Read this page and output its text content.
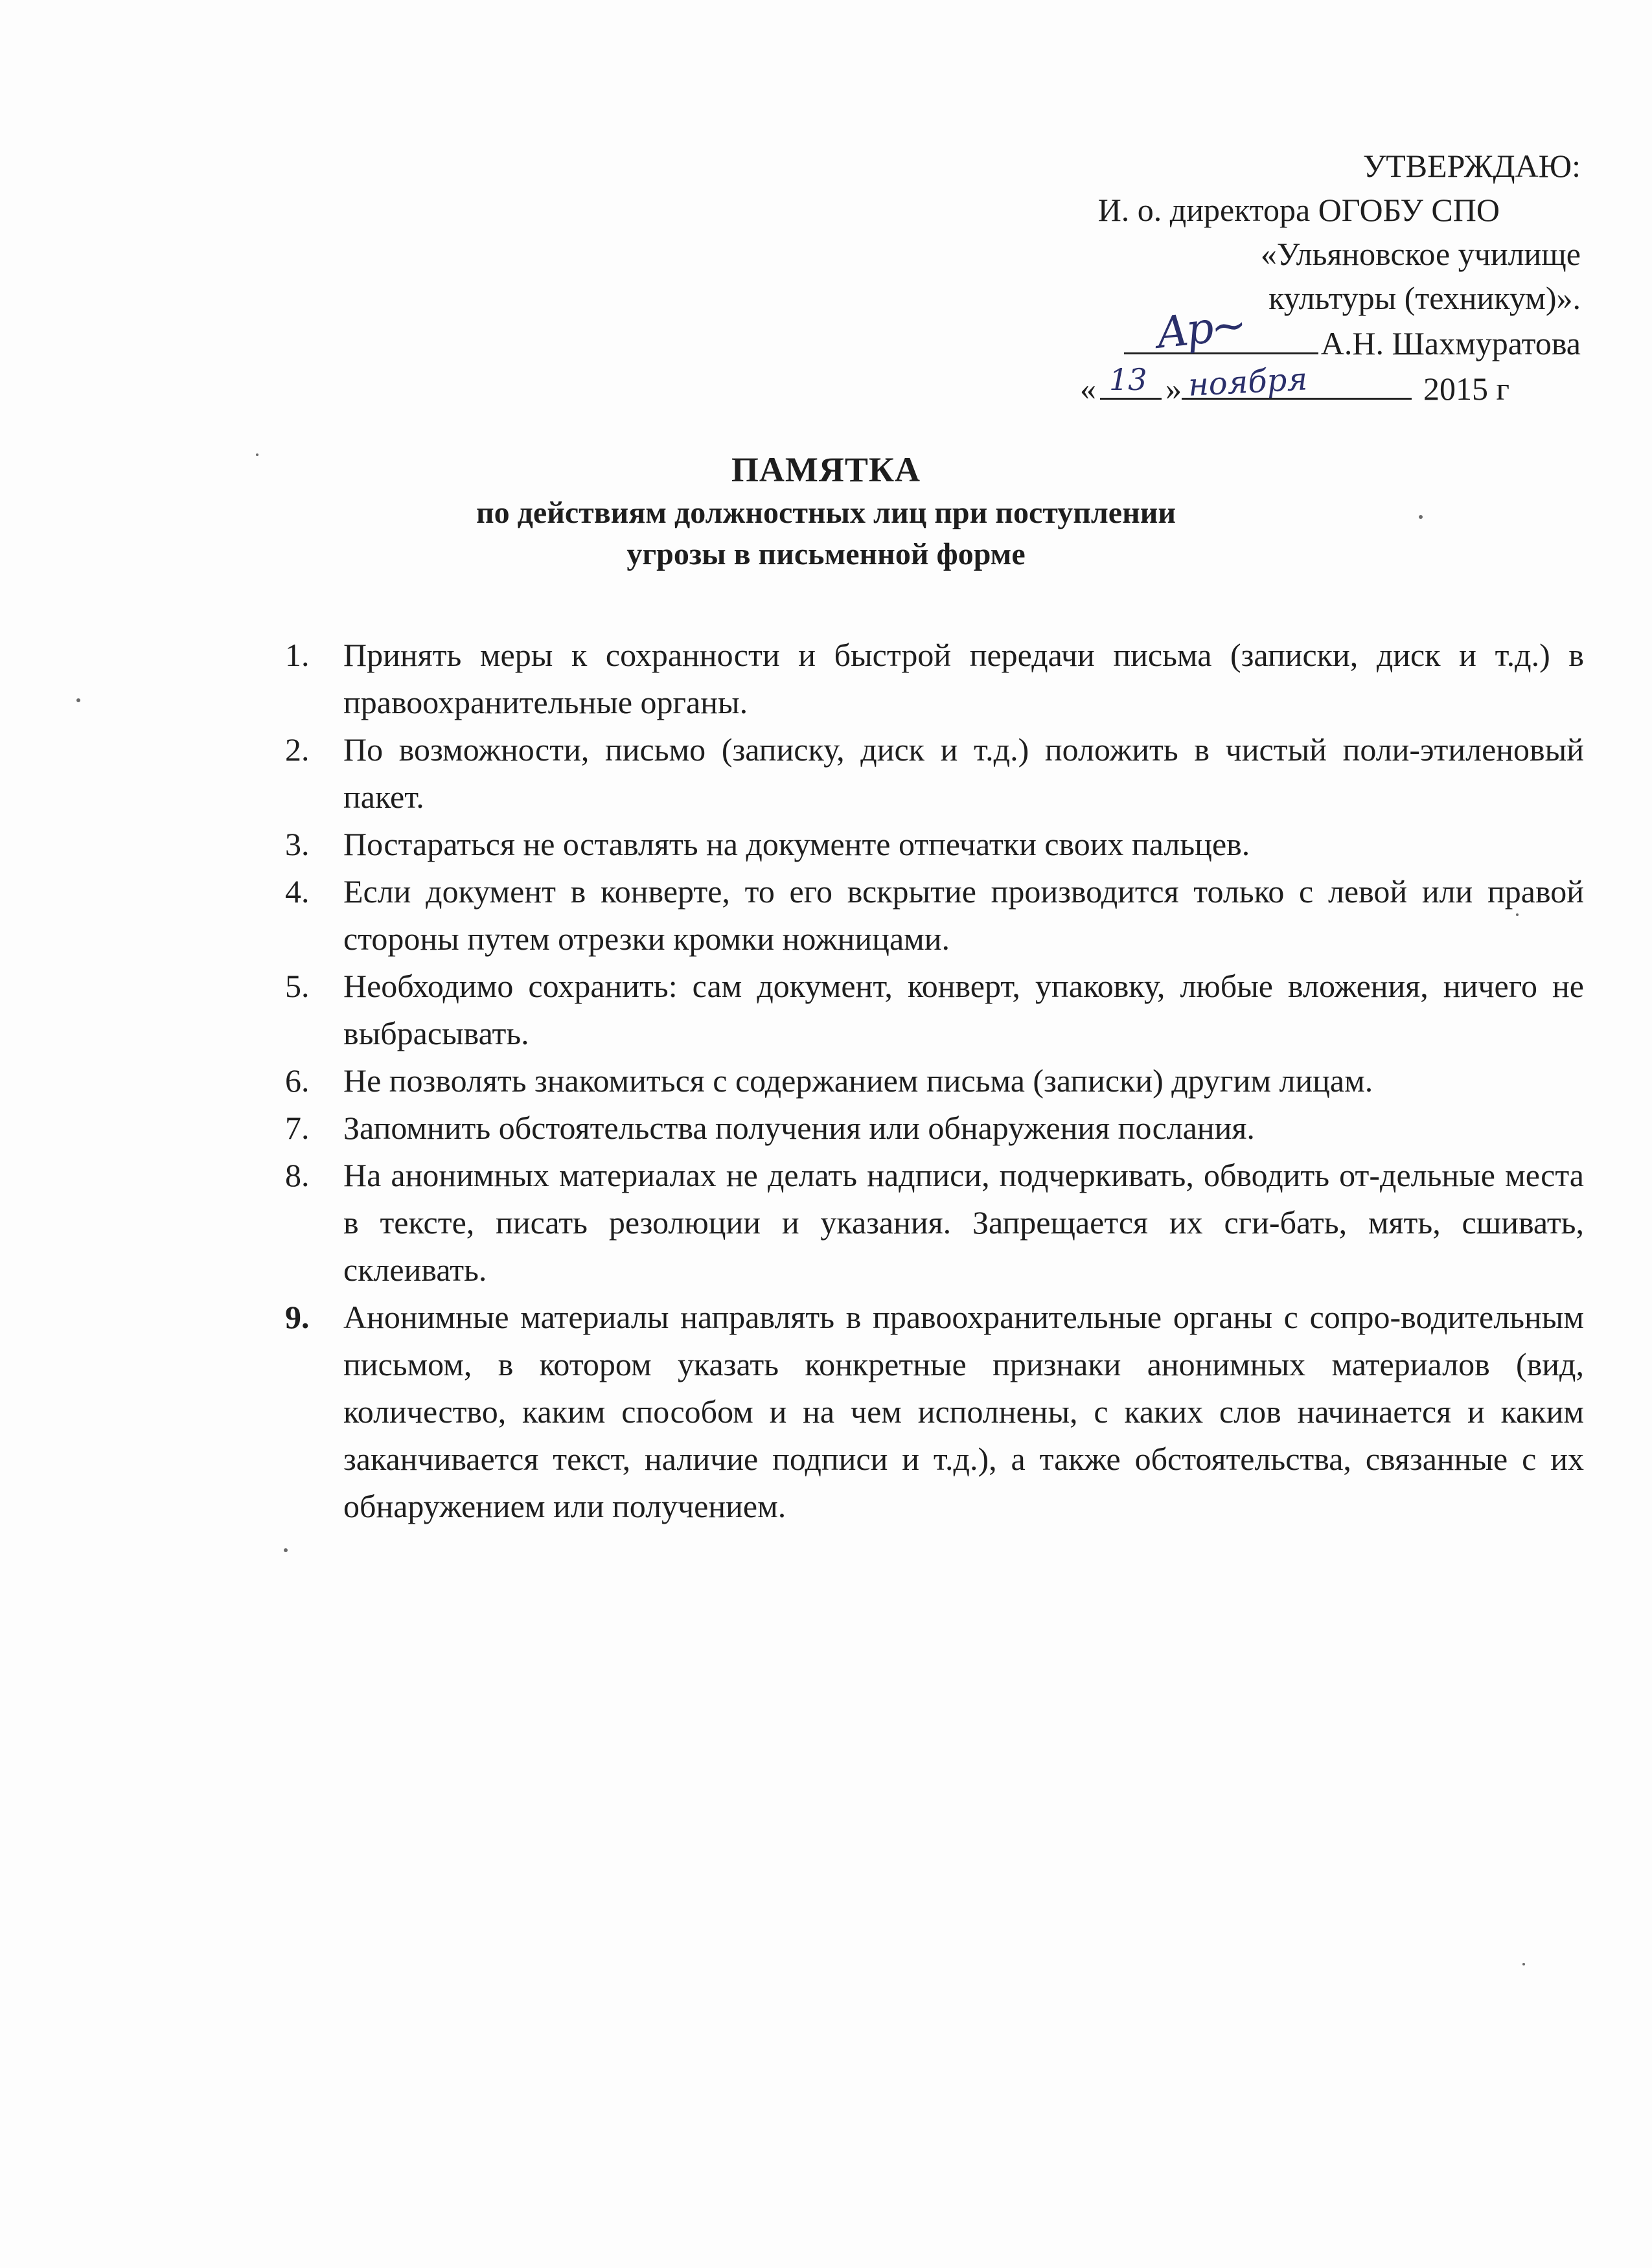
УТВЕРЖДАЮ:
И. о. директора ОГОБУ СПО
«Ульяновское училище
культуры (техникум)».
Ар~ А.Н. Шахмуратова
« 13 » ноября	2015 г
ПАМЯТКА
по действиям должностных лиц при поступлении
угрозы в письменной форме
1.	Принять меры к сохранности и быстрой передачи письма (записки, диск и т.д.) в правоохранительные органы.
2.	По возможности, письмо (записку, диск и т.д.) положить в чистый поли-этиленовый пакет.
3.	Постараться не оставлять на документе отпечатки своих пальцев.
4.	Если документ в конверте, то его вскрытие производится только с левой или правой стороны путем отрезки кромки ножницами.
5.	Необходимо сохранить: сам документ, конверт, упаковку, любые вложения, ничего не выбрасывать.
6.	Не позволять знакомиться с содержанием письма (записки) другим лицам.
7.	Запомнить обстоятельства получения или обнаружения послания.
8.	На анонимных материалах не делать надписи, подчеркивать, обводить от-дельные места в тексте, писать резолюции и указания. Запрещается их сги-бать, мять, сшивать, склеивать.
9.	Анонимные материалы направлять в правоохранительные органы с сопро-водительным письмом, в котором указать конкретные признаки анонимных материалов (вид, количество, каким способом и на чем исполнены, с каких слов начинается и каким заканчивается текст, наличие подписи и т.д.), а также обстоятельства, связанные с их обнаружением или получением.
